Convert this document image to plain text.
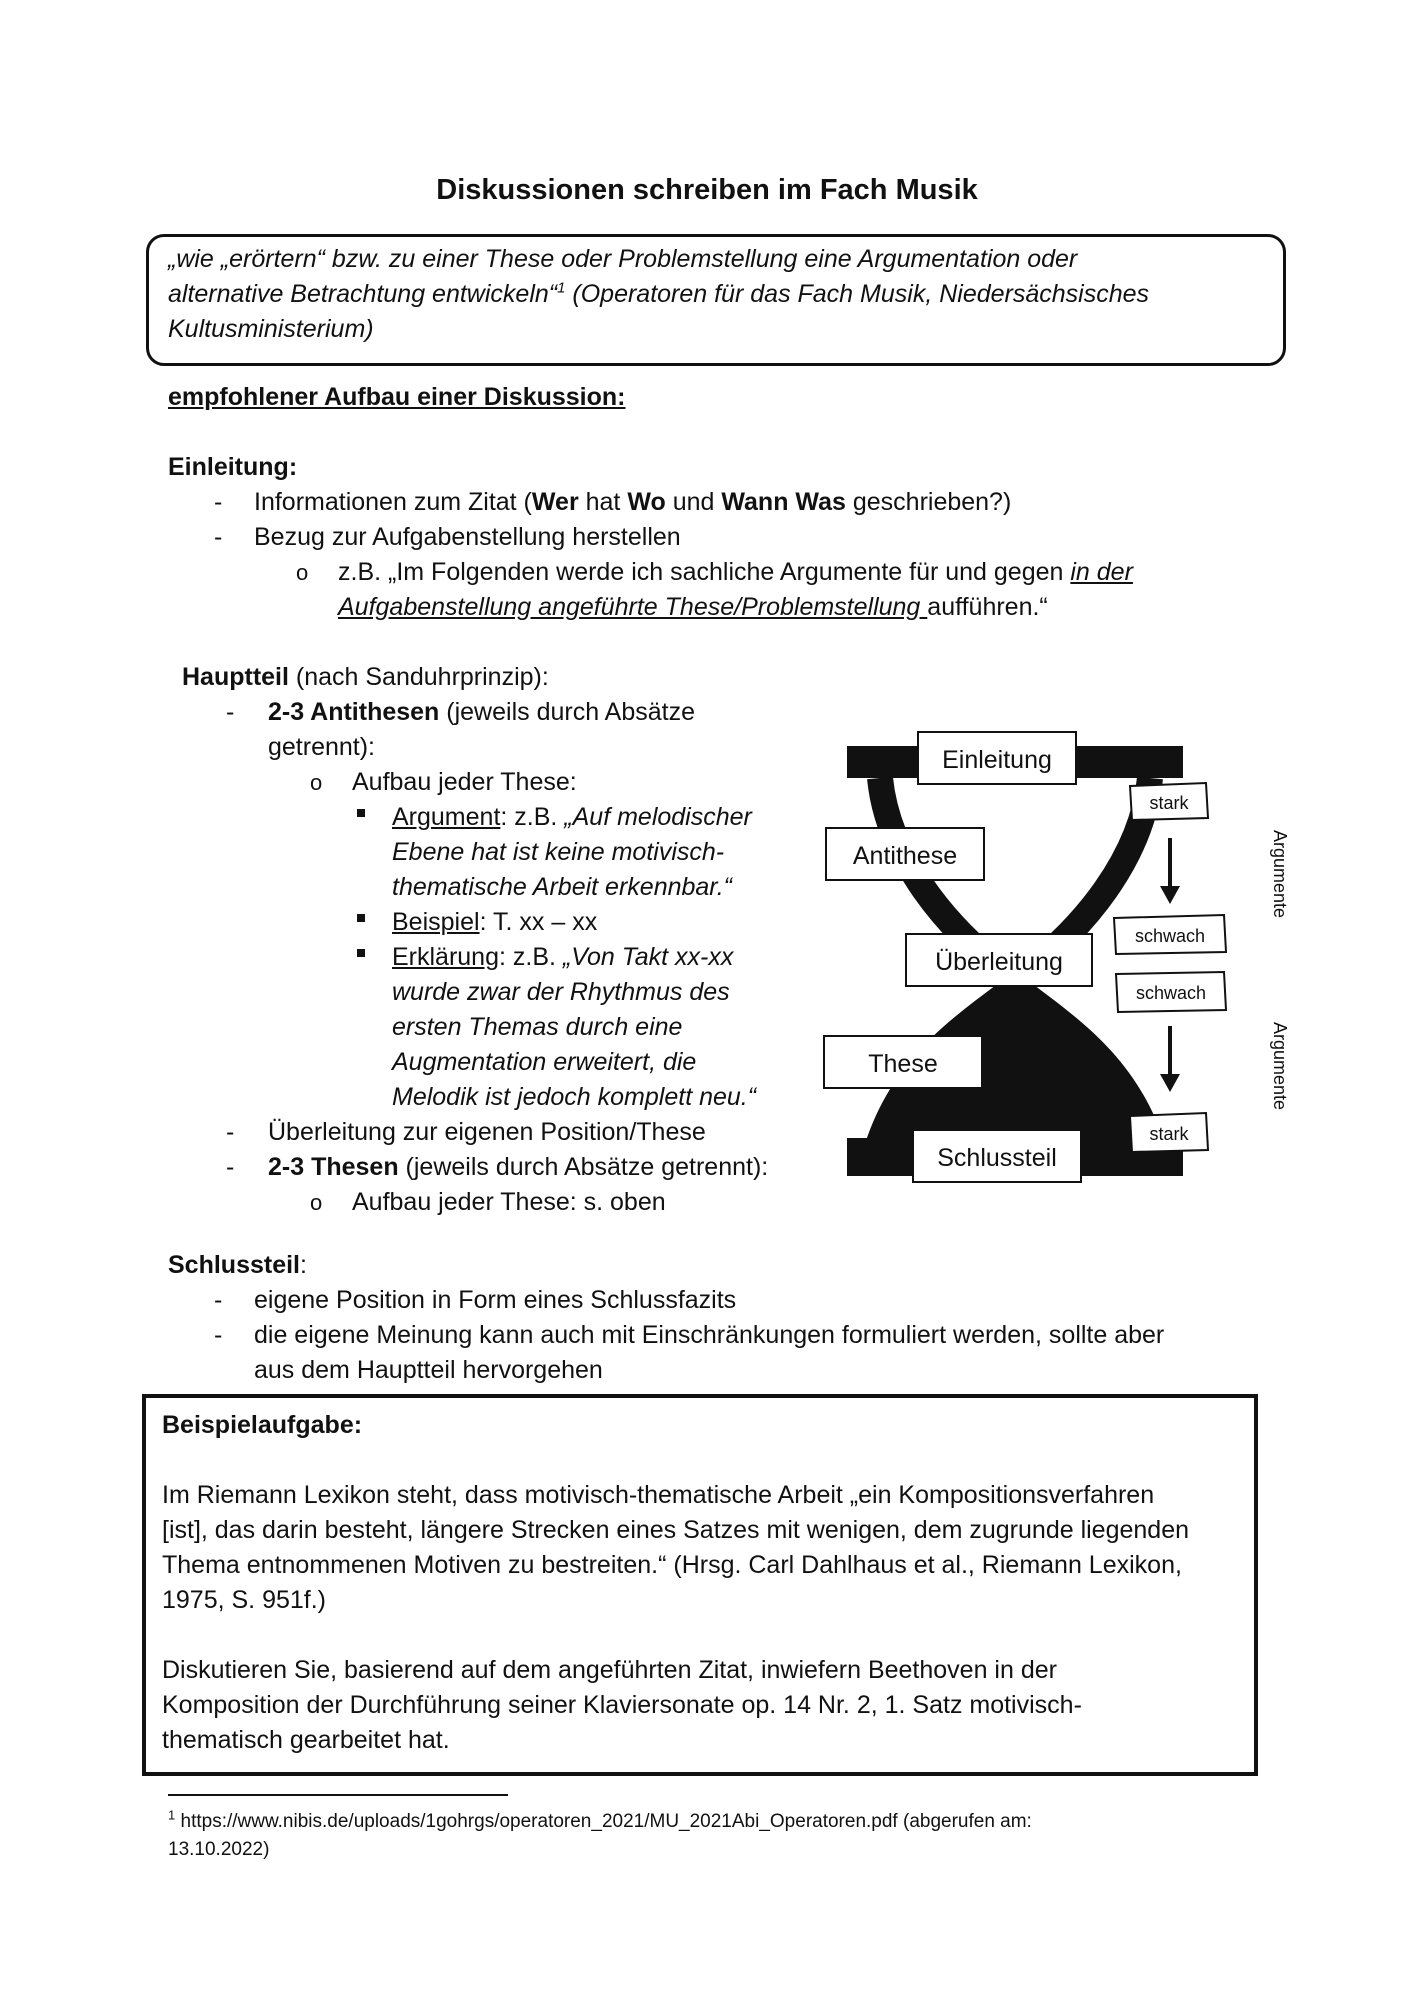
Diskussionen schreiben im Fach Musik
„wie „erörtern“ bzw. zu einer These oder Problemstellung eine Argumentation oder
alternative Betrachtung entwickeln“$^1$ (Operatoren für das Fach Musik, Niedersächsisches
Kultusministerium)
empfohlener Aufbau einer Diskussion:
Einleitung:
-	Informationen zum Zitat (Wer hat Wo und Wann Was geschrieben?)
-	Bezug zur Aufgabenstellung herstellen
o z.B. „Im Folgenden werde ich sachliche Argumente für und gegen in der
Aufgabenstellung angeführte These/Problemstellung aufführen.“
Hauptteil (nach Sanduhrprinzip):
-	2-3 Antithesen (jeweils durch Absätze
getrennt):
o Aufbau jeder These:
Argument: z.B. „Auf melodischer
Ebene hat ist keine motivisch-
thematische Arbeit erkennbar.“
Beispiel: T. xx – xx
Erklärung: z.B. „Von Takt xx-xx
wurde zwar der Rhythmus des
ersten Themas durch eine
Augmentation erweitert, die
Melodik ist jedoch komplett neu.“
-	Überleitung zur eigenen Position/These
-	2-3 Thesen (jeweils durch Absätze getrennt):
o Aufbau jeder These: s. oben
Einleitung
Antithese
Überleitung
These
Schlussteil
stark
schwach
schwach
stark
Argumente
Argumente
Schlussteil:
-	eigene Position in Form eines Schlussfazits
-	die eigene Meinung kann auch mit Einschränkungen formuliert werden, sollte aber
aus dem Hauptteil hervorgehen
Beispielaufgabe:
Im Riemann Lexikon steht, dass motivisch-thematische Arbeit „ein Kompositionsverfahren
[ist], das darin besteht, längere Strecken eines Satzes mit wenigen, dem zugrunde liegenden
Thema entnommenen Motiven zu bestreiten.“ (Hrsg. Carl Dahlhaus et al., Riemann Lexikon,
1975, S. 951f.)
Diskutieren Sie, basierend auf dem angeführten Zitat, inwiefern Beethoven in der
Komposition der Durchführung seiner Klaviersonate op. 14 Nr. 2, 1. Satz motivisch-
thematisch gearbeitet hat.
$^1$ https://www.nibis.de/uploads/1gohrgs/operatoren_2021/MU_2021Abi_Operatoren.pdf (abgerufen am:
13.10.2022)
